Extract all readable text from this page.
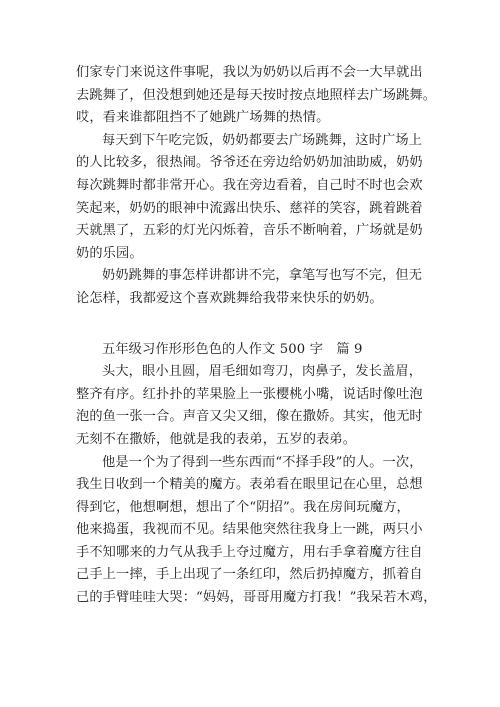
们家专门来说这件事呢，我以为奶奶以后再不会一大早就出
去跳舞了，但没想到她还是每天按时按点地照样去广场跳舞。
哎，看来谁都阻挡不了她跳广场舞的热情。
每天到下午吃完饭，奶奶都要去广场跳舞，这时广场上
的人比较多，很热闹。爷爷还在旁边给奶奶加油助威，奶奶
每次跳舞时都非常开心。我在旁边看着，自己时不时也会欢
笑起来，奶奶的眼神中流露出快乐、慈祥的笑容，跳着跳着
天就黑了，五彩的灯光闪烁着，音乐不断响着，广场就是奶
奶的乐园。
奶奶跳舞的事怎样讲都讲不完，拿笔写也写不完，但无
论怎样，我都爱这个喜欢跳舞给我带来快乐的奶奶。
五年级习作形形色色的人作文 500 字　篇 9
头大，眼小且圆，眉毛细如弯刀，肉鼻子，发长盖眉，
整齐有序。红扑扑的苹果脸上一张樱桃小嘴，说话时像吐泡
泡的鱼一张一合。声音又尖又细，像在撒娇。其实，他无时
无刻不在撒娇，他就是我的表弟，五岁的表弟。
他是一个为了得到一些东西而“不择手段”的人。一次，
我生日收到一个精美的魔方。表弟看在眼里记在心里，总想
得到它，他想啊想，想出了个“阴招”。我在房间玩魔方，
他来捣蛋，我视而不见。结果他突然往我身上一跳，两只小
手不知哪来的力气从我手上夺过魔方，用右手拿着魔方往自
己手上一摔，手上出现了一条红印，然后扔掉魔方，抓着自
己的手臂哇哇大哭：“妈妈，哥哥用魔方打我！”我呆若木鸡，
